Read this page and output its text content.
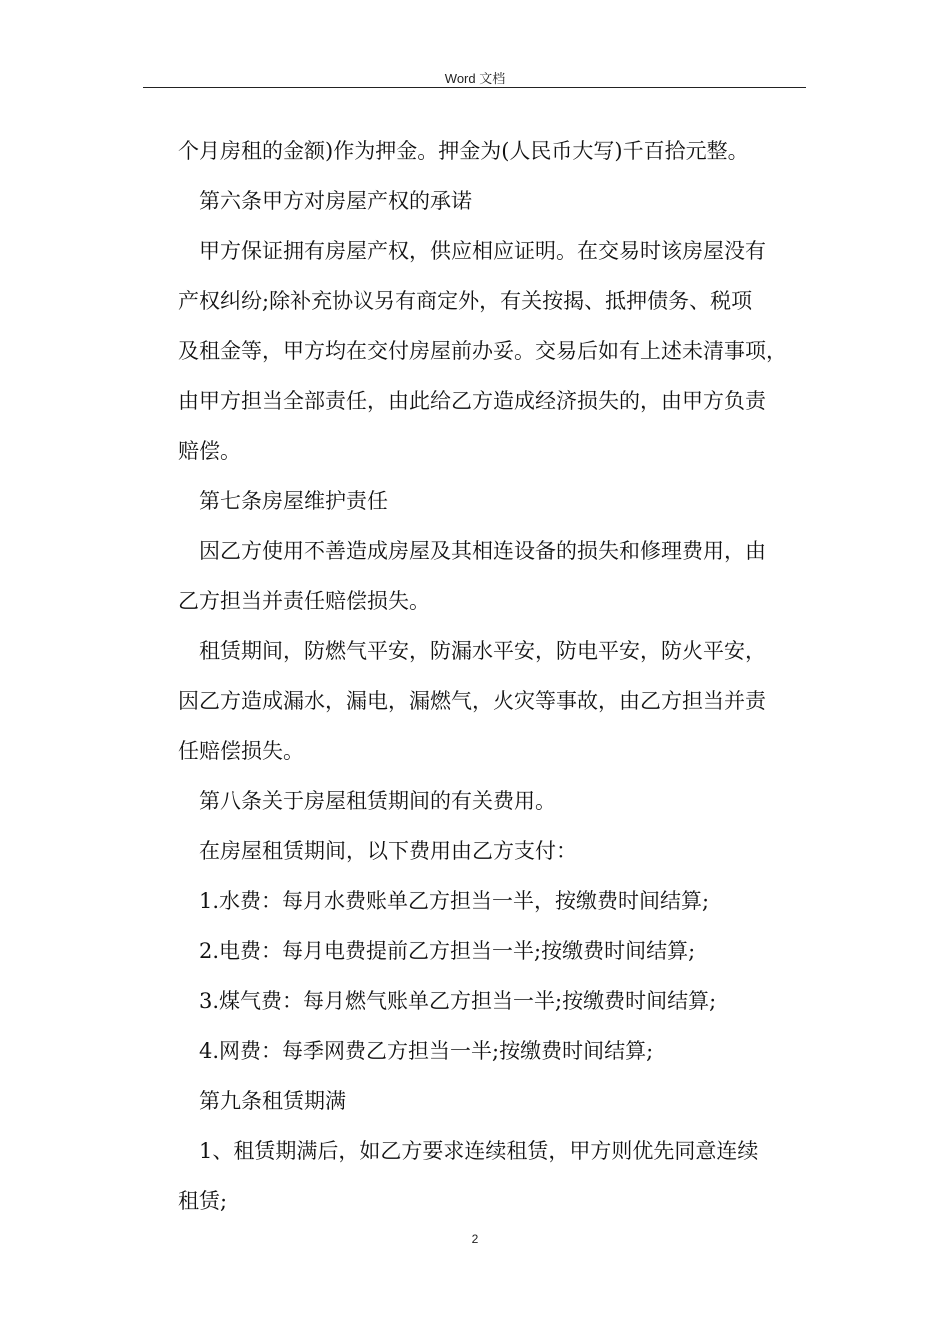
Word 文档
个月房租的金额)作为押金。押金为(人民币大写)千百拾元整。
第六条甲方对房屋产权的承诺
甲方保证拥有房屋产权，供应相应证明。在交易时该房屋没有
产权纠纷;除补充协议另有商定外，有关按揭、抵押债务、税项
及租金等，甲方均在交付房屋前办妥。交易后如有上述未清事项，
由甲方担当全部责任，由此给乙方造成经济损失的，由甲方负责
赔偿。
第七条房屋维护责任
因乙方使用不善造成房屋及其相连设备的损失和修理费用，由
乙方担当并责任赔偿损失。
租赁期间，防燃气平安，防漏水平安，防电平安，防火平安，
因乙方造成漏水，漏电，漏燃气，火灾等事故，由乙方担当并责
任赔偿损失。
第八条关于房屋租赁期间的有关费用。
在房屋租赁期间，以下费用由乙方支付：
1.水费：每月水费账单乙方担当一半，按缴费时间结算;
2.电费：每月电费提前乙方担当一半;按缴费时间结算;
3.煤气费：每月燃气账单乙方担当一半;按缴费时间结算;
4.网费：每季网费乙方担当一半;按缴费时间结算;
第九条租赁期满
1、租赁期满后，如乙方要求连续租赁，甲方则优先同意连续
租赁;
2
